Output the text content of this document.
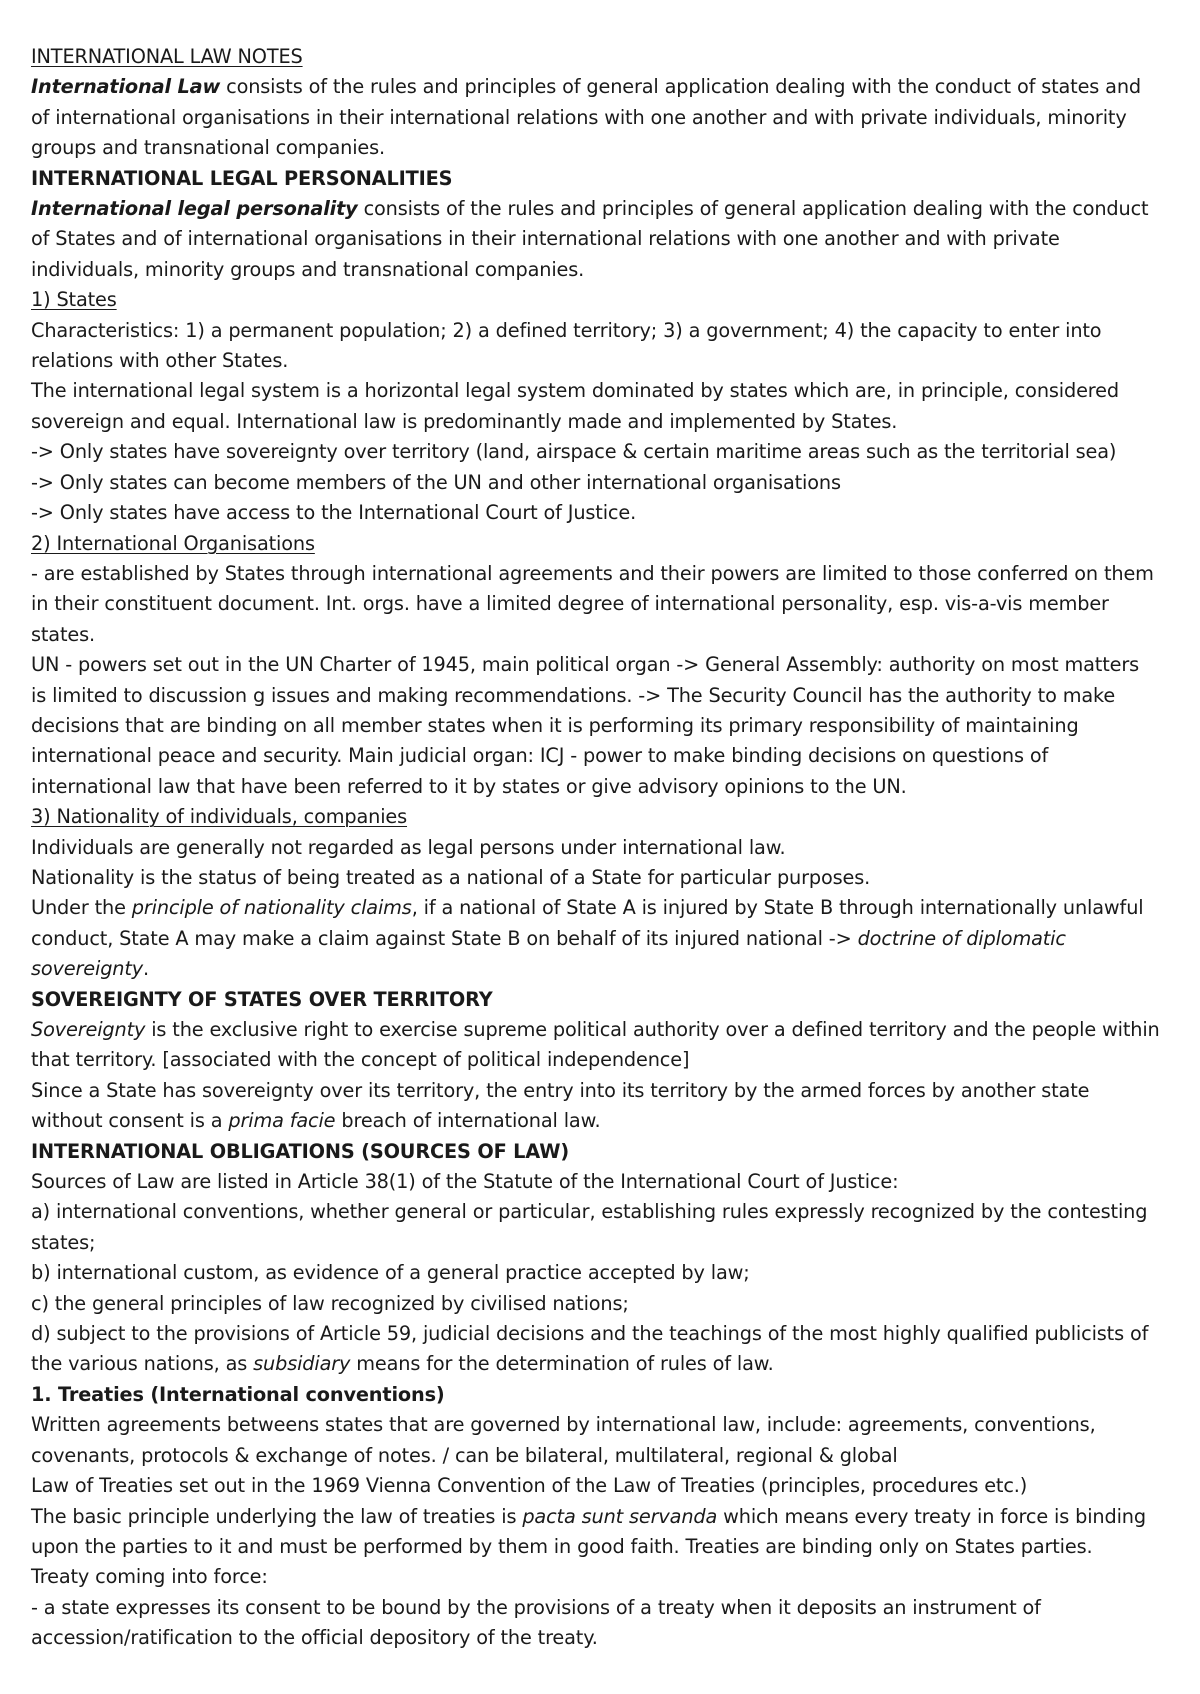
INTERNATIONAL LAW NOTES

International Law consists of the rules and principles of general application dealing with the conduct of states and of international organisations in their international relations with one another and with private individuals, minority groups and transnational companies.

INTERNATIONAL LEGAL PERSONALITIES

International legal personality consists of the rules and principles of general application dealing with the conduct of States and of international organisations in their international relations with one another and with private individuals, minority groups and transnational companies.

1) States

Characteristics: 1) a permanent population; 2) a defined territory; 3) a government; 4) the capacity to enter into relations with other States.

The international legal system is a horizontal legal system dominated by states which are, in principle, considered sovereign and equal. International law is predominantly made and implemented by States.

-> Only states have sovereignty over territory (land, airspace & certain maritime areas such as the territorial sea)

-> Only states can become members of the UN and other international organisations

-> Only states have access to the International Court of Justice.

2) International Organisations

- are established by States through international agreements and their powers are limited to those conferred on them in their constituent document. Int. orgs. have a limited degree of international personality, esp. vis-a-vis member states.

UN - powers set out in the UN Charter of 1945, main political organ -> General Assembly: authority on most matters is limited to discussion g issues and making recommendations. -> The Security Council has the authority to make decisions that are binding on all member states when it is performing its primary responsibility of maintaining international peace and security. Main judicial organ: ICJ - power to make binding decisions on questions of international law that have been referred to it by states or give advisory opinions to the UN.

3) Nationality of individuals, companies

Individuals are generally not regarded as legal persons under international law.

Nationality is the status of being treated as a national of a State for particular purposes.

Under the principle of nationality claims, if a national of State A is injured by State B through internationally unlawful conduct, State A may make a claim against State B on behalf of its injured national -> doctrine of diplomatic sovereignty.

SOVEREIGNTY OF STATES OVER TERRITORY

Sovereignty is the exclusive right to exercise supreme political authority over a defined territory and the people within that territory. [associated with the concept of political independence]

Since a State has sovereignty over its territory, the entry into its territory by the armed forces by another state without consent is a prima facie breach of international law.

INTERNATIONAL OBLIGATIONS (SOURCES OF LAW)

Sources of Law are listed in Article 38(1) of the Statute of the International Court of Justice:

a) international conventions, whether general or particular, establishing rules expressly recognized by the contesting states;

b) international custom, as evidence of a general practice accepted by law;

c) the general principles of law recognized by civilised nations;

d) subject to the provisions of Article 59, judicial decisions and the teachings of the most highly qualified publicists of the various nations, as subsidiary means for the determination of rules of law.

1. Treaties (International conventions)

Written agreements betweens states that are governed by international law, include: agreements, conventions, covenants, protocols & exchange of notes. / can be bilateral, multilateral, regional & global

Law of Treaties set out in the 1969 Vienna Convention of the Law of Treaties (principles, procedures etc.)

The basic principle underlying the law of treaties is pacta sunt servanda which means every treaty in force is binding upon the parties to it and must be performed by them in good faith. Treaties are binding only on States parties.

Treaty coming into force:

- a state expresses its consent to be bound by the provisions of a treaty when it deposits an instrument of accession/ratification to the official depository of the treaty.
